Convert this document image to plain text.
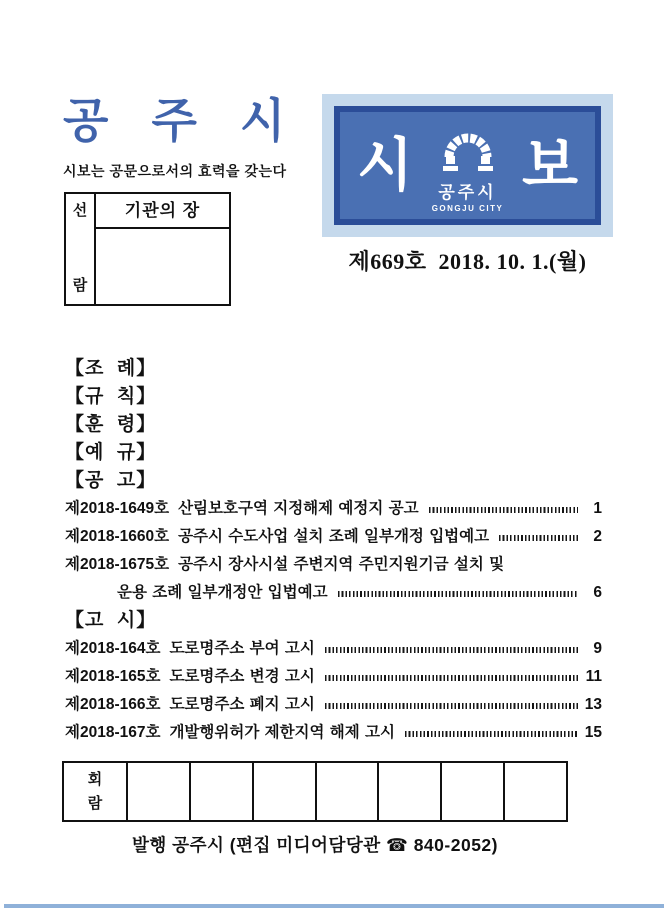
공 주 시
시보는 공문으로서의 효력을 갖는다
선
람
기관의 장
시 공주시
GONGJU CITY
보
제669호  2018. 10. 1.(월)
【조  례】
【규  칙】
【훈  령】
【예  규】
【공  고】
제2018-1649호 산림보호구역 지정해제 예정지 공고	1
제2018-1660호 공주시 수도사업 설치 조례 일부개정 입법예고	2
제2018-1675호 공주시 장사시설 주변지역 주민지원기금 설치 및
운용 조례 일부개정안 입법예고	6
【고  시】
제2018-164호 도로명주소 부여 고시	9
제2018-165호 도로명주소 변경 고시	11
제2018-166호 도로명주소 폐지 고시	13
제2018-167호 개발행위허가 제한지역 해제 고시	15
회
람
발행 공주시 (편집 미디어담당관 ☎ 840-2052)
